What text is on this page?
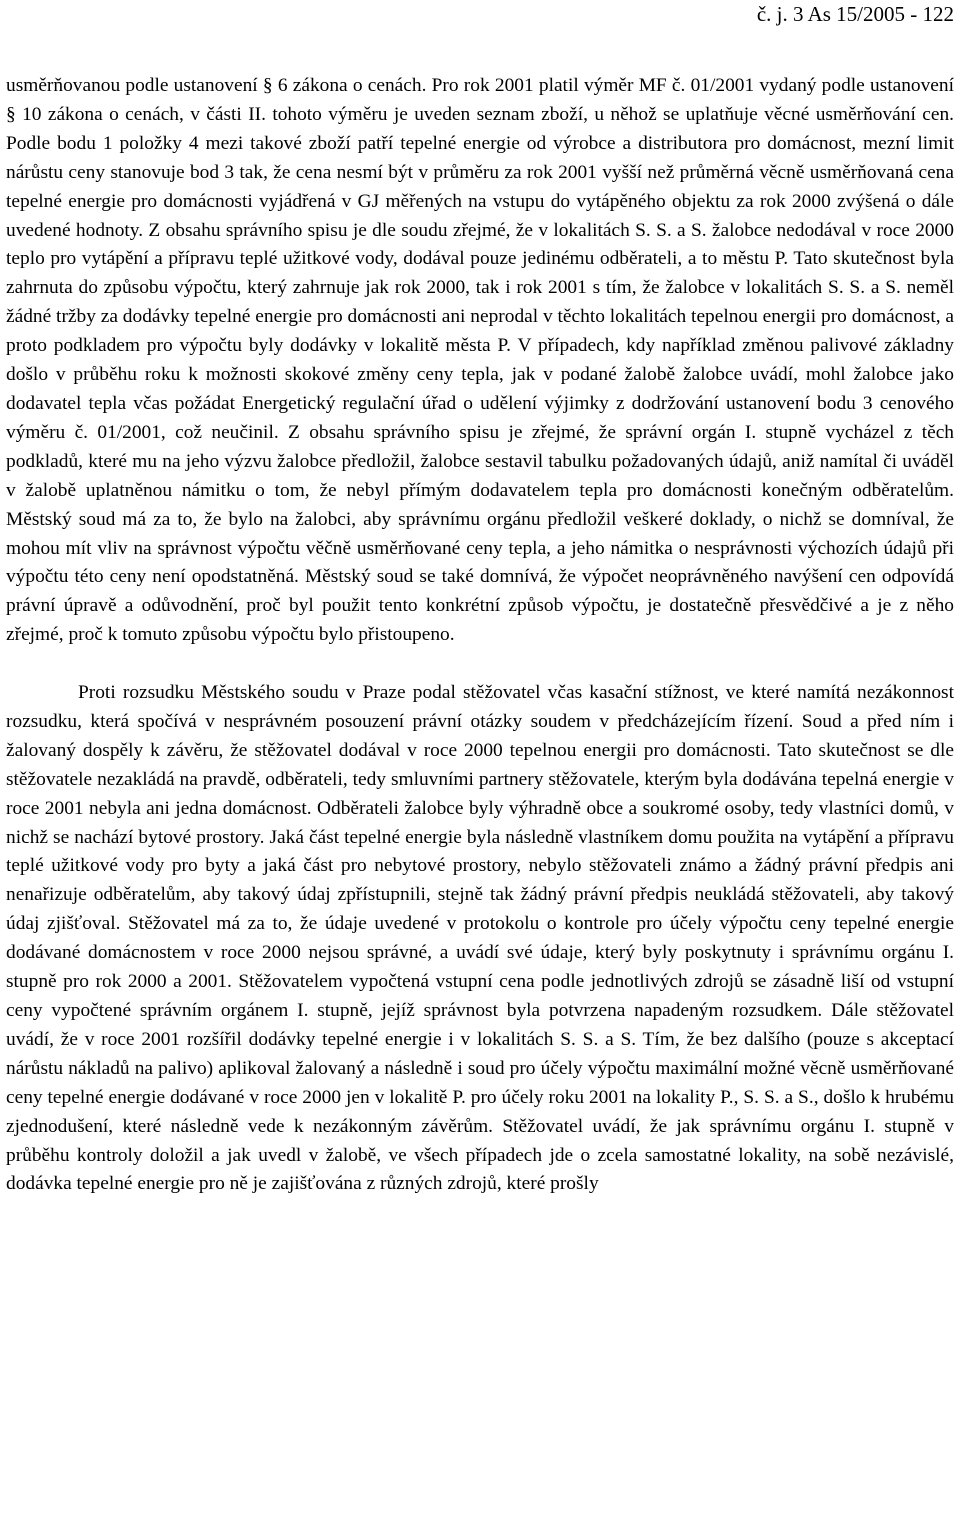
č. j. 3 As 15/2005 - 122

usměrňovanou podle ustanovení § 6 zákona o cenách. Pro rok 2001 platil výměr MF č. 01/2001 vydaný podle ustanovení § 10 zákona o cenách, v části II. tohoto výměru je uveden seznam zboží, u něhož se uplatňuje věcné usměrňování cen. Podle bodu 1 položky 4 mezi takové zboží patří tepelné energie od výrobce a distributora pro domácnost, mezní limit nárůstu ceny stanovuje bod 3 tak, že cena nesmí být v průměru za rok 2001 vyšší než průměrná věcně usměrňovaná cena tepelné energie pro domácnosti vyjádřená v GJ měřených na vstupu do vytápěného objektu za rok 2000 zvýšená o dále uvedené hodnoty. Z obsahu správního spisu je dle soudu zřejmé, že v lokalitách S. S. a S. žalobce nedodával v roce 2000 teplo pro vytápění a přípravu teplé užitkové vody, dodával pouze jedinému odběrateli, a to městu P. Tato skutečnost byla zahrnuta do způsobu výpočtu, který zahrnuje jak rok 2000, tak i rok 2001 s tím, že žalobce v lokalitách S. S. a S. neměl žádné tržby za dodávky tepelné energie pro domácnosti ani neprodal v těchto lokalitách tepelnou energii pro domácnost, a proto podkladem pro výpočtu byly dodávky v lokalitě města P. V případech, kdy například změnou palivové základny došlo v průběhu roku k možnosti skokové změny ceny tepla, jak v podané žalobě žalobce uvádí, mohl žalobce jako dodavatel tepla včas požádat Energetický regulační úřad o udělení výjimky z dodržování ustanovení bodu 3 cenového výměru č. 01/2001, což neučinil. Z obsahu správního spisu je zřejmé, že správní orgán I. stupně vycházel z těch podkladů, které mu na jeho výzvu žalobce předložil, žalobce sestavil tabulku požadovaných údajů, aniž namítal či uváděl v žalobě uplatněnou námitku o tom, že nebyl přímým dodavatelem tepla pro domácnosti konečným odběratelům. Městský soud má za to, že bylo na žalobci, aby správnímu orgánu předložil veškeré doklady, o nichž se domníval, že mohou mít vliv na správnost výpočtu věčně usměrňované ceny tepla, a jeho námitka o nesprávnosti výchozích údajů při výpočtu této ceny není opodstatněná. Městský soud se také domnívá, že výpočet neoprávněného navýšení cen odpovídá právní úpravě a odůvodnění, proč byl použit tento konkrétní způsob výpočtu, je dostatečně přesvědčivé a je z něho zřejmé, proč k tomuto způsobu výpočtu bylo přistoupeno.

Proti rozsudku Městského soudu v Praze podal stěžovatel včas kasační stížnost, ve které namítá nezákonnost rozsudku, která spočívá v nesprávném posouzení právní otázky soudem v předcházejícím řízení. Soud a před ním i žalovaný dospěly k závěru, že stěžovatel dodával v roce 2000 tepelnou energii pro domácnosti. Tato skutečnost se dle stěžovatele nezakládá na pravdě, odběrateli, tedy smluvními partnery stěžovatele, kterým byla dodávána tepelná energie v roce 2001 nebyla ani jedna domácnost. Odběrateli žalobce byly výhradně obce a soukromé osoby, tedy vlastníci domů, v nichž se nachází bytové prostory. Jaká část tepelné energie byla následně vlastníkem domu použita na vytápění a přípravu teplé užitkové vody pro byty a jaká část pro nebytové prostory, nebylo stěžovateli známo a žádný právní předpis ani nenařizuje odběratelům, aby takový údaj zpřístupnili, stejně tak žádný právní předpis neukládá stěžovateli, aby takový údaj zjišťoval. Stěžovatel má za to, že údaje uvedené v protokolu o kontrole pro účely výpočtu ceny tepelné energie dodávané domácnostem v roce 2000 nejsou správné, a uvádí své údaje, který byly poskytnuty i správnímu orgánu I. stupně pro rok 2000 a 2001. Stěžovatelem vypočtená vstupní cena podle jednotlivých zdrojů se zásadně liší od vstupní ceny vypočtené správním orgánem I. stupně, jejíž správnost byla potvrzena napadeným rozsudkem. Dále stěžovatel uvádí, že v roce 2001 rozšířil dodávky tepelné energie i v lokalitách S. S. a S. Tím, že bez dalšího (pouze s akceptací nárůstu nákladů na palivo) aplikoval žalovaný a následně i soud pro účely výpočtu maximální možné věcně usměrňované ceny tepelné energie dodávané v roce 2000 jen v lokalitě P. pro účely roku 2001 na lokality P., S. S. a S., došlo k hrubému zjednodušení, které následně vede k nezákonným závěrům. Stěžovatel uvádí, že jak správnímu orgánu I. stupně v průběhu kontroly doložil a jak uvedl v žalobě, ve všech případech jde o zcela samostatné lokality, na sobě nezávislé, dodávka tepelné energie pro ně je zajišťována z různých zdrojů, které prošly
